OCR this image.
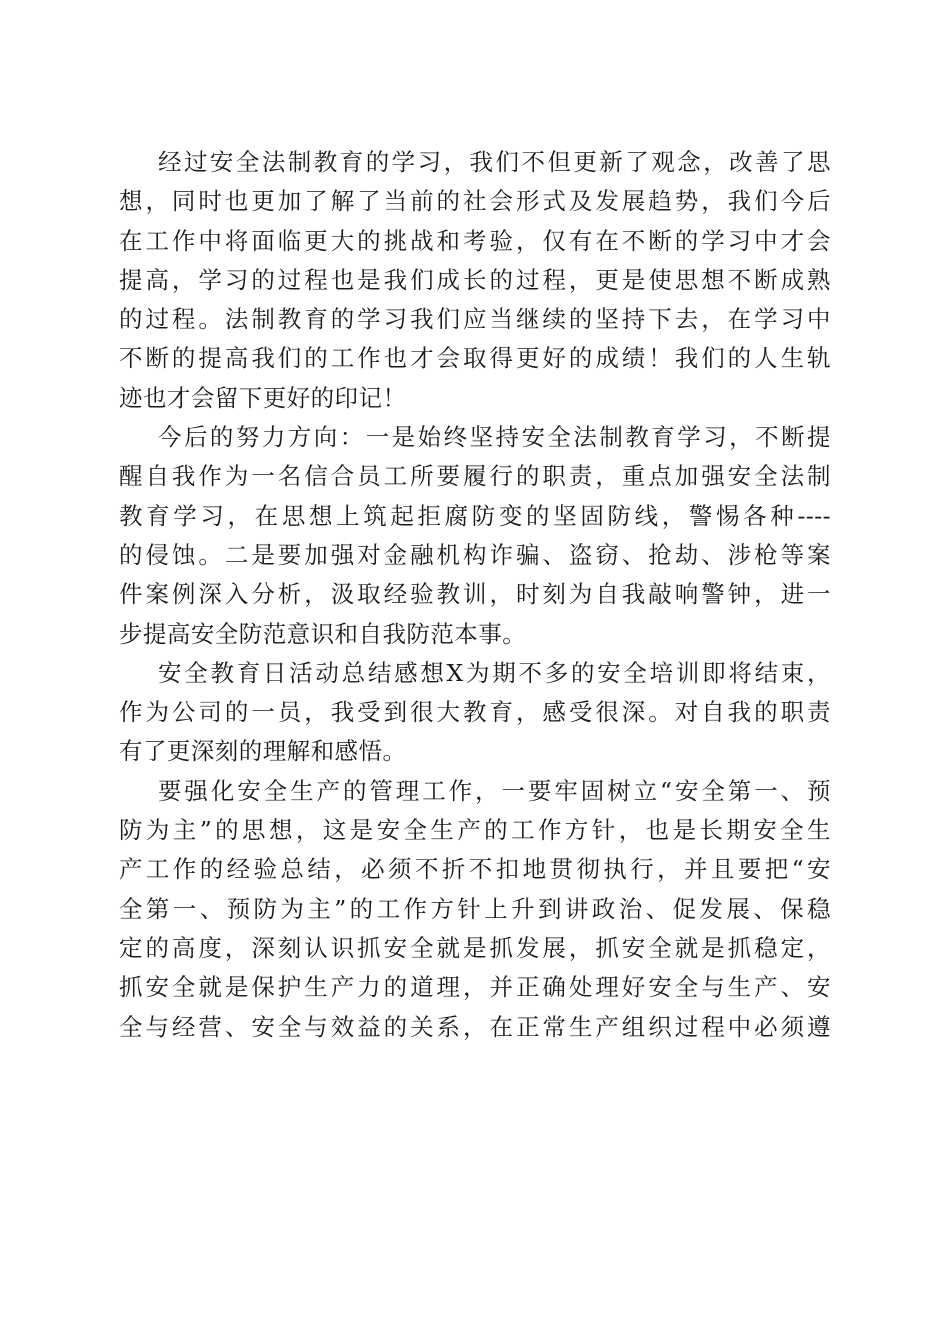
经过安全法制教育的学习，我们不但更新了观念，改善了思
想，同时也更加了解了当前的社会形式及发展趋势，我们今后
在工作中将面临更大的挑战和考验，仅有在不断的学习中才会
提高，学习的过程也是我们成长的过程，更是使思想不断成熟
的过程。法制教育的学习我们应当继续的坚持下去，在学习中
不断的提高我们的工作也才会取得更好的成绩！我们的人生轨
迹也才会留下更好的印记！
今后的努力方向：一是始终坚持安全法制教育学习，不断提
醒自我作为一名信合员工所要履行的职责，重点加强安全法制
教育学习，在思想上筑起拒腐防变的坚固防线，警惕各种----
的侵蚀。二是要加强对金融机构诈骗、盗窃、抢劫、涉枪等案
件案例深入分析，汲取经验教训，时刻为自我敲响警钟，进一
步提高安全防范意识和自我防范本事。
安全教育日活动总结感想X为期不多的安全培训即将结束，
作为公司的一员，我受到很大教育，感受很深。对自我的职责
有了更深刻的理解和感悟。
要强化安全生产的管理工作，一要牢固树立“安全第一、预
防为主”的思想，这是安全生产的工作方针，也是长期安全生
产工作的经验总结，必须不折不扣地贯彻执行，并且要把“安
全第一、预防为主”的工作方针上升到讲政治、促发展、保稳
定的高度，深刻认识抓安全就是抓发展，抓安全就是抓稳定，
抓安全就是保护生产力的道理，并正确处理好安全与生产、安
全与经营、安全与效益的关系，在正常生产组织过程中必须遵
